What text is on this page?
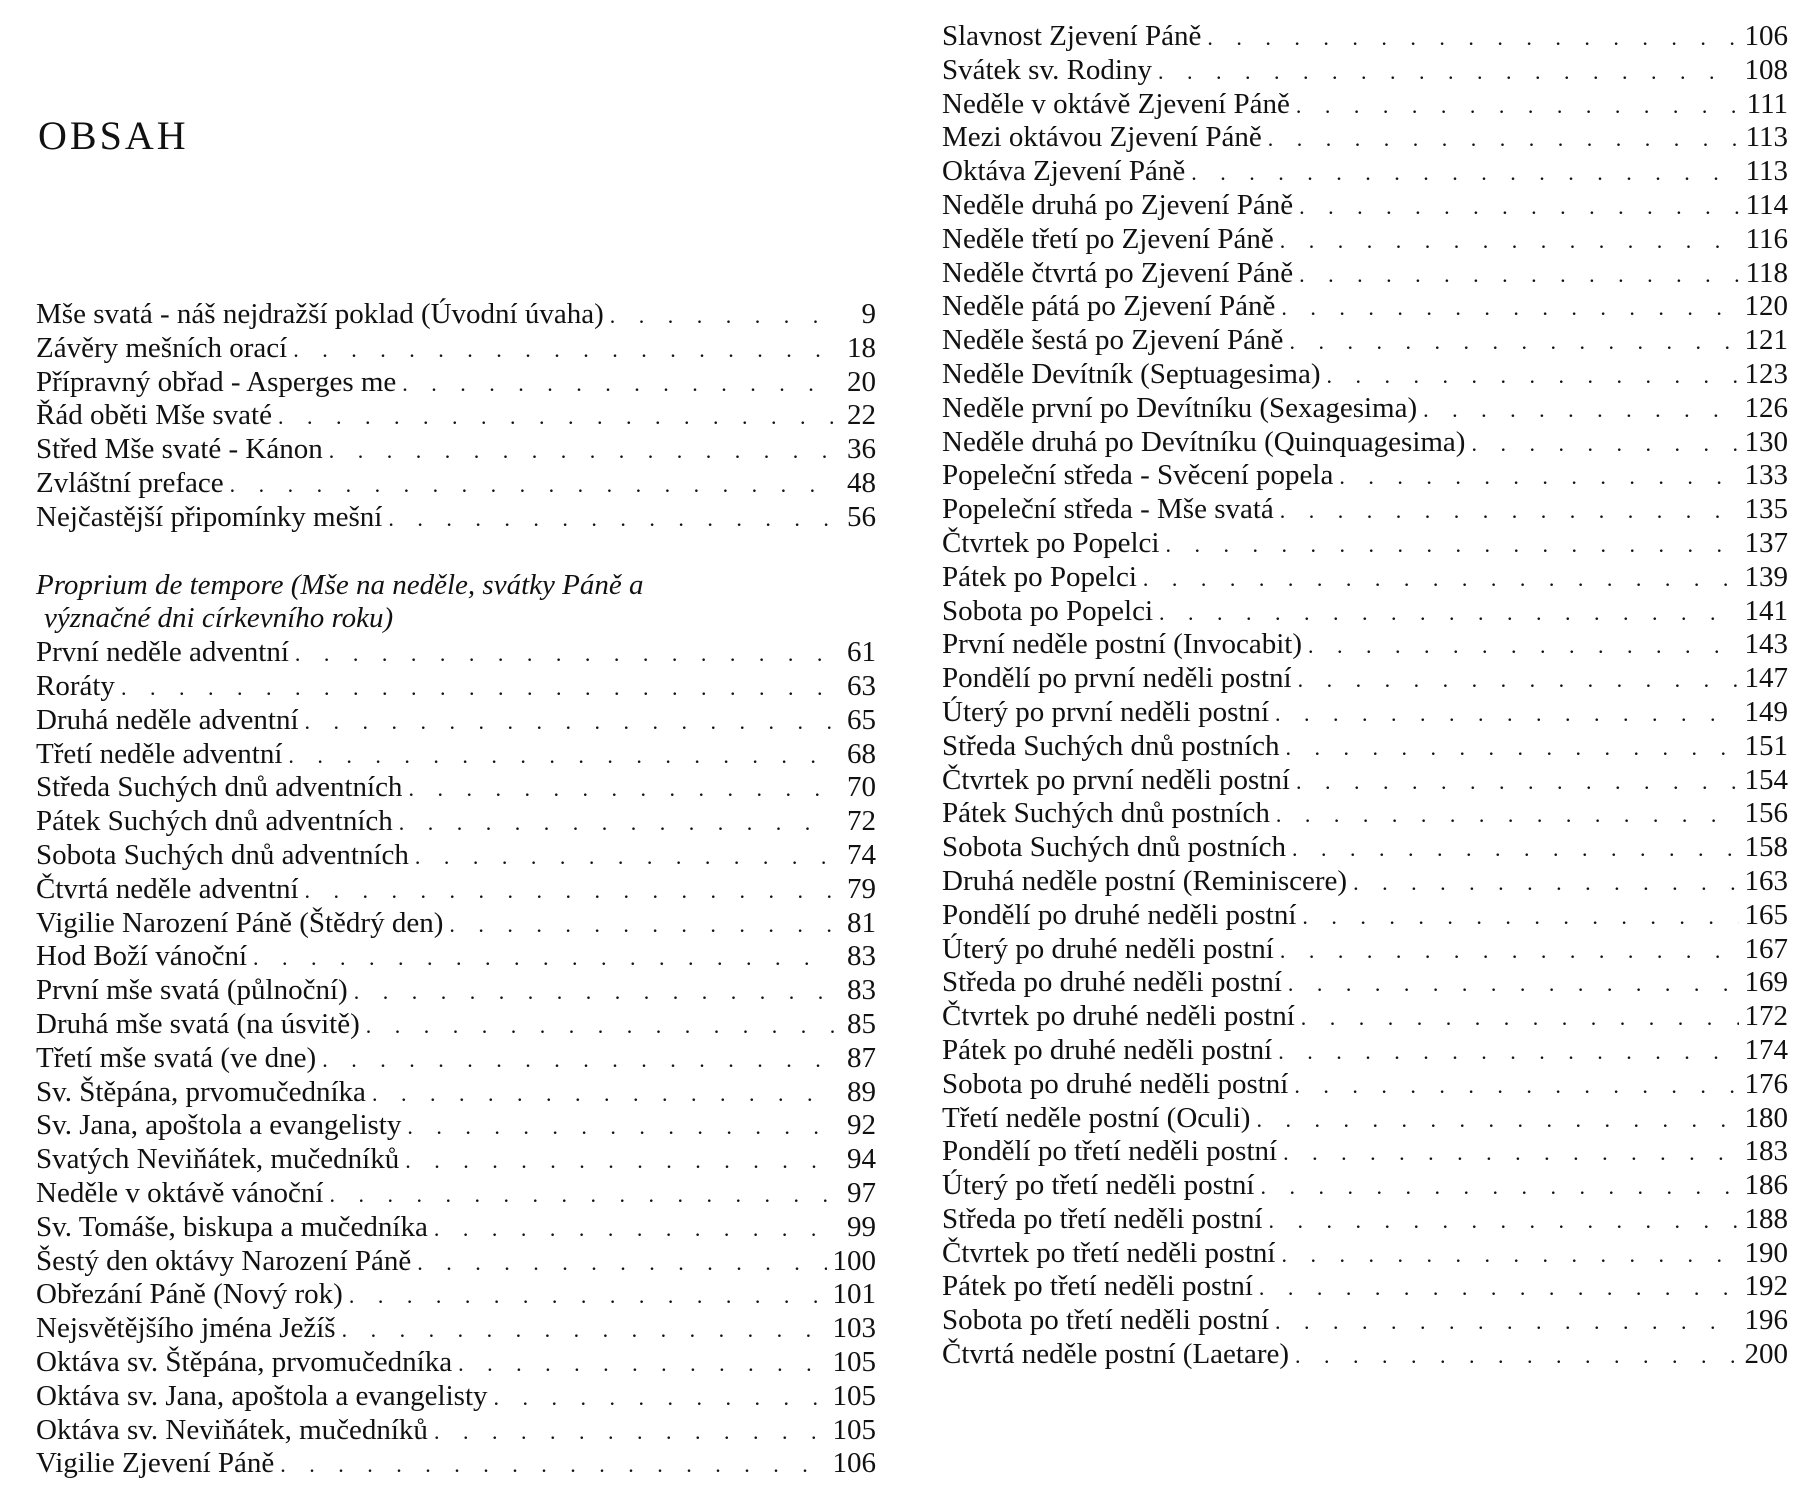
OBSAH
Mše svatá - náš nejdražší poklad (Úvodní úvaha) . . .	9
Závěry mešních orací . . .	18
Přípravný obřad - Asperges me . . .	20
Řád oběti Mše svaté . . .	22
Střed Mše svaté - Kánon . . .	36
Zvláštní preface . . .	48
Nejčastější připomínky mešní . . .	56
Proprium de tempore (Mše na neděle, svátky Páně a
význačné dni církevního roku)
První neděle adventní . . .	61
Roráty . . .	63
Druhá neděle adventní . . .	65
Třetí neděle adventní . . .	68
Středa Suchých dnů adventních . . .	70
Pátek Suchých dnů adventních . . .	72
Sobota Suchých dnů adventních . . .	74
Čtvrtá neděle adventní . . .	79
Vigilie Narození Páně (Štědrý den) . . .	81
Hod Boží vánoční . . .	83
První mše svatá (půlnoční) . . .	83
Druhá mše svatá (na úsvitě) . . .	85
Třetí mše svatá (ve dne) . . .	87
Sv. Štěpána, prvomučedníka . . .	89
Sv. Jana, apoštola a evangelisty . . .	92
Svatých Neviňátek, mučedníků . . .	94
Neděle v oktávě vánoční . . .	97
Sv. Tomáše, biskupa a mučedníka . . .	99
Šestý den oktávy Narození Páně . . .	100
Obřezání Páně (Nový rok) . . .	101
Nejsvětějšího jména Ježíš . . .	103
Oktáva sv. Štěpána, prvomučedníka . . .	105
Oktáva sv. Jana, apoštola a evangelisty . . .	105
Oktáva sv. Neviňátek, mučedníků . . .	105
Vigilie Zjevení Páně . . .	106
Slavnost Zjevení Páně . . .	106
Svátek sv. Rodiny . . .	108
Neděle v oktávě Zjevení Páně . . .	111
Mezi oktávou Zjevení Páně . . .	113
Oktáva Zjevení Páně . . .	113
Neděle druhá po Zjevení Páně . . .	114
Neděle třetí po Zjevení Páně . . .	116
Neděle čtvrtá po Zjevení Páně . . .	118
Neděle pátá po Zjevení Páně . . .	120
Neděle šestá po Zjevení Páně . . .	121
Neděle Devítník (Septuagesima) . . .	123
Neděle první po Devítníku (Sexagesima) . . .	126
Neděle druhá po Devítníku (Quinquagesima) . . .	130
Popeleční středa - Svěcení popela . . .	133
Popeleční středa - Mše svatá . . .	135
Čtvrtek po Popelci . . .	137
Pátek po Popelci . . .	139
Sobota po Popelci . . .	141
První neděle postní (Invocabit) . . .	143
Pondělí po první neděli postní . . .	147
Úterý po první neděli postní . . .	149
Středa Suchých dnů postních . . .	151
Čtvrtek po první neděli postní . . .	154
Pátek Suchých dnů postních . . .	156
Sobota Suchých dnů postních . . .	158
Druhá neděle postní (Reminiscere) . . .	163
Pondělí po druhé neděli postní . . .	165
Úterý po druhé neděli postní . . .	167
Středa po druhé neděli postní . . .	169
Čtvrtek po druhé neděli postní . . .	172
Pátek po druhé neděli postní . . .	174
Sobota po druhé neděli postní . . .	176
Třetí neděle postní (Oculi) . . .	180
Pondělí po třetí neděli postní . . .	183
Úterý po třetí neděli postní . . .	186
Středa po třetí neděli postní . . .	188
Čtvrtek po třetí neděli postní . . .	190
Pátek po třetí neděli postní . . .	192
Sobota po třetí neděli postní . . .	196
Čtvrtá neděle postní (Laetare) . . .	200
